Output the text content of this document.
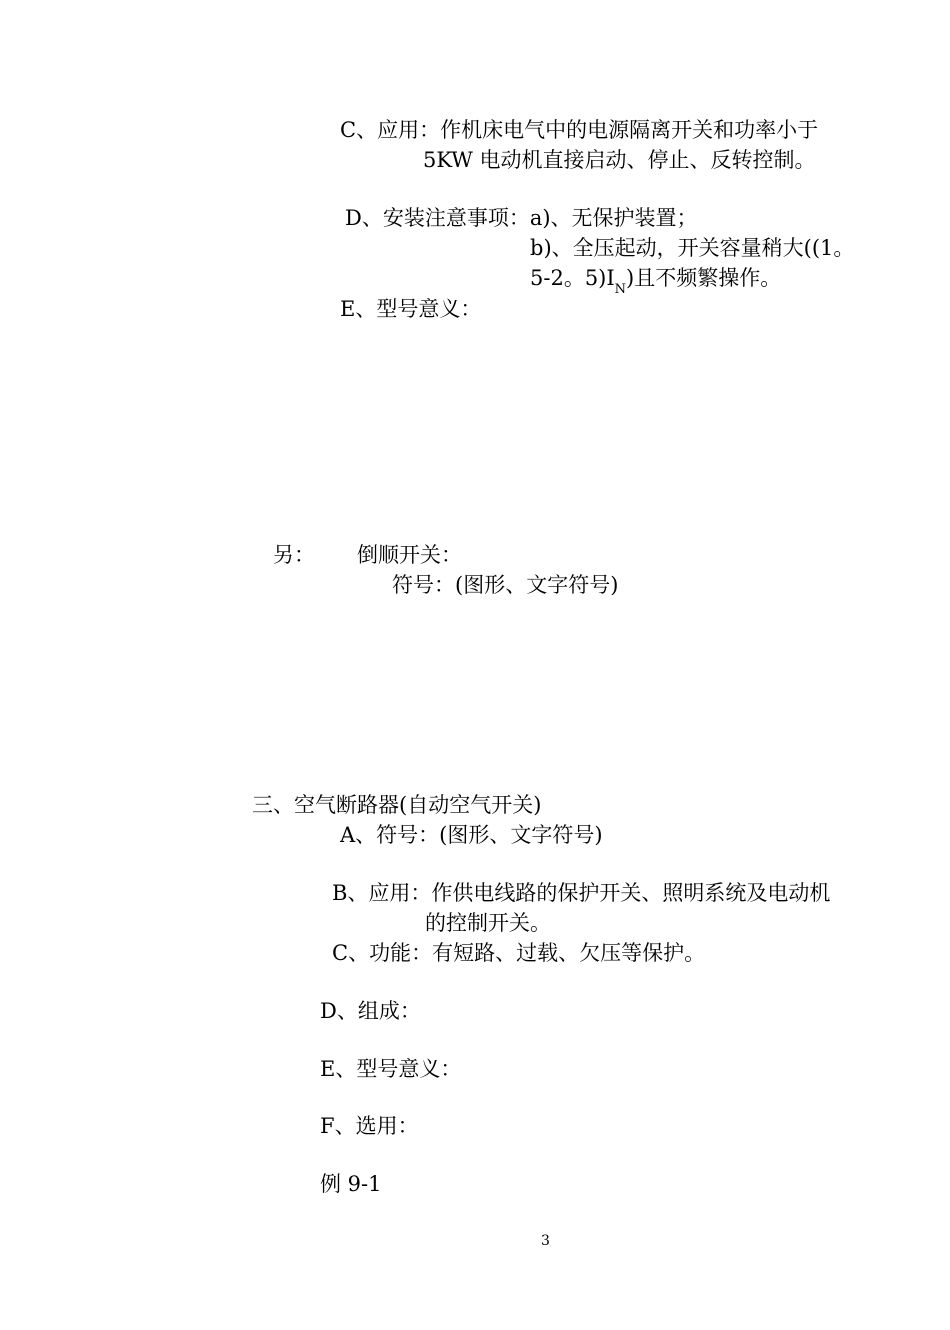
C、应用：作机床电气中的电源隔离开关和功率小于
5KW 电动机直接启动、停止、反转控制。
D、安装注意事项：a)、无保护装置；
b)、全压起动，开关容量稍大((1。
5-2。$5)I_N$)且不频繁操作。
E、型号意义：
另： 倒顺开关：
符号：(图形、文字符号)
三、空气断路器(自动空气开关)
A、符号：(图形、文字符号)
B、应用：作供电线路的保护开关、照明系统及电动机
的控制开关。
C、功能：有短路、过载、欠压等保护。
D、组成：
E、型号意义：
F、选用：
例 9-1
3
